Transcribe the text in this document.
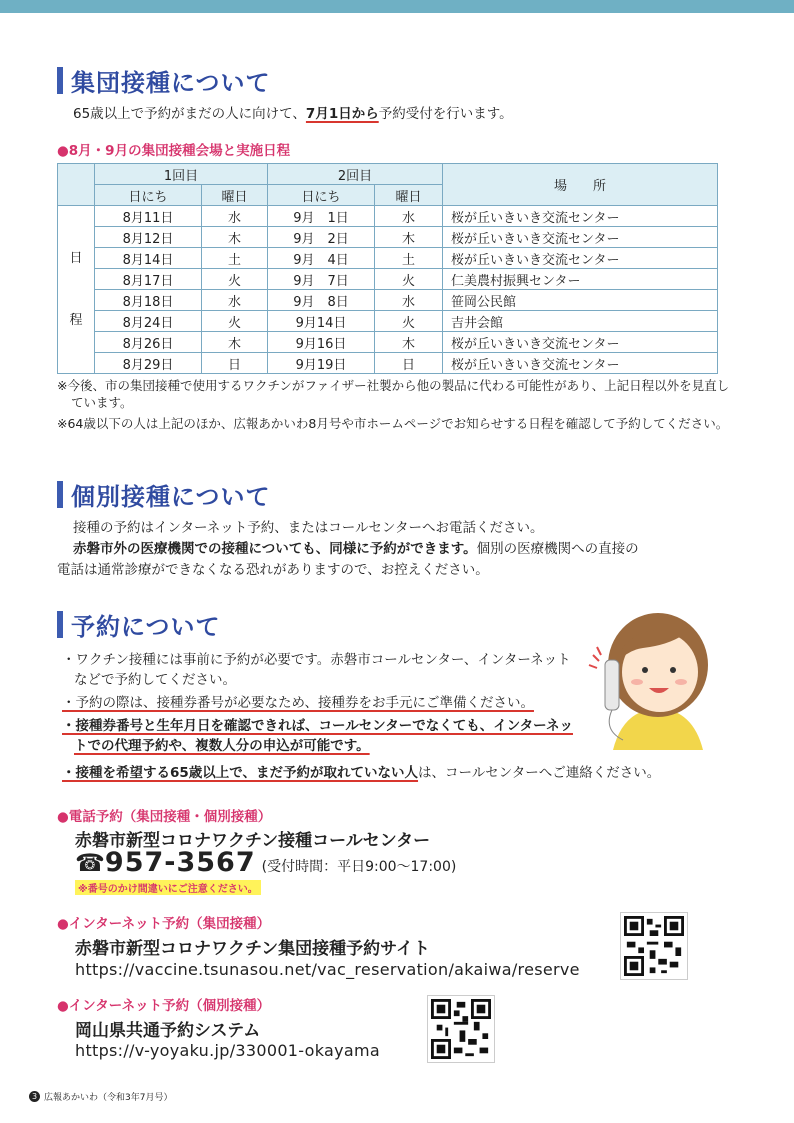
集団接種について
65歳以上で予約がまだの人に向けて、7月1日から予約受付を行います。
●8月・9月の集団接種会場と実施日程
	1回目		2回目		場　　所
	日にち	曜日	日にち	曜日	
日
程	8月11日	水	9月　1日	水	桜が丘いきいき交流センター
	8月12日	木	9月　2日	木	桜が丘いきいき交流センター
	8月14日	土	9月　4日	土	桜が丘いきいき交流センター
	8月17日	火	9月　7日	火	仁美農村振興センター
	8月18日	水	9月　8日	水	笹岡公民館
	8月24日	火	9月14日	火	吉井会館
	8月26日	木	9月16日	木	桜が丘いきいき交流センター
	8月29日	日	9月19日	日	桜が丘いきいき交流センター
※今後、市の集団接種で使用するワクチンがファイザー社製から他の製品に代わる可能性があり、上記日程以外を見直しています。
※64歳以下の人は上記のほか、広報あかいわ8月号や市ホームページでお知らせする日程を確認して予約してください。
個別接種について
接種の予約はインターネット予約、またはコールセンターへお電話ください。
赤磐市外の医療機関での接種についても、同様に予約ができます。個別の医療機関への直接の
電話は通常診療ができなくなる恐れがありますので、お控えください。
予約について
・ワクチン接種には事前に予約が必要です。赤磐市コールセンター、インターネットなどで予約してください。
・予約の際は、接種券番号が必要なため、接種券をお手元にご準備ください。
・接種券番号と生年月日を確認できれば、コールセンターでなくても、インターネットでの代理予約や、複数人分の申込が可能です。
・接種を希望する65歳以上で、まだ予約が取れていない人は、コールセンターへご連絡ください。
●電話予約（集団接種・個別接種）
赤磐市新型コロナワクチン接種コールセンター
☎ 957-3567 (受付時間：平日9:00〜17:00)
※番号のかけ間違いにご注意ください。
●インターネット予約（集団接種）
赤磐市新型コロナワクチン集団接種予約サイト
https://vaccine.tsunasou.net/vac_reservation/akaiwa/reserve
●インターネット予約（個別接種）
岡山県共通予約システム
https://v-yoyaku.jp/330001-okayama
3 広報あかいわ（令和3年7月号）
